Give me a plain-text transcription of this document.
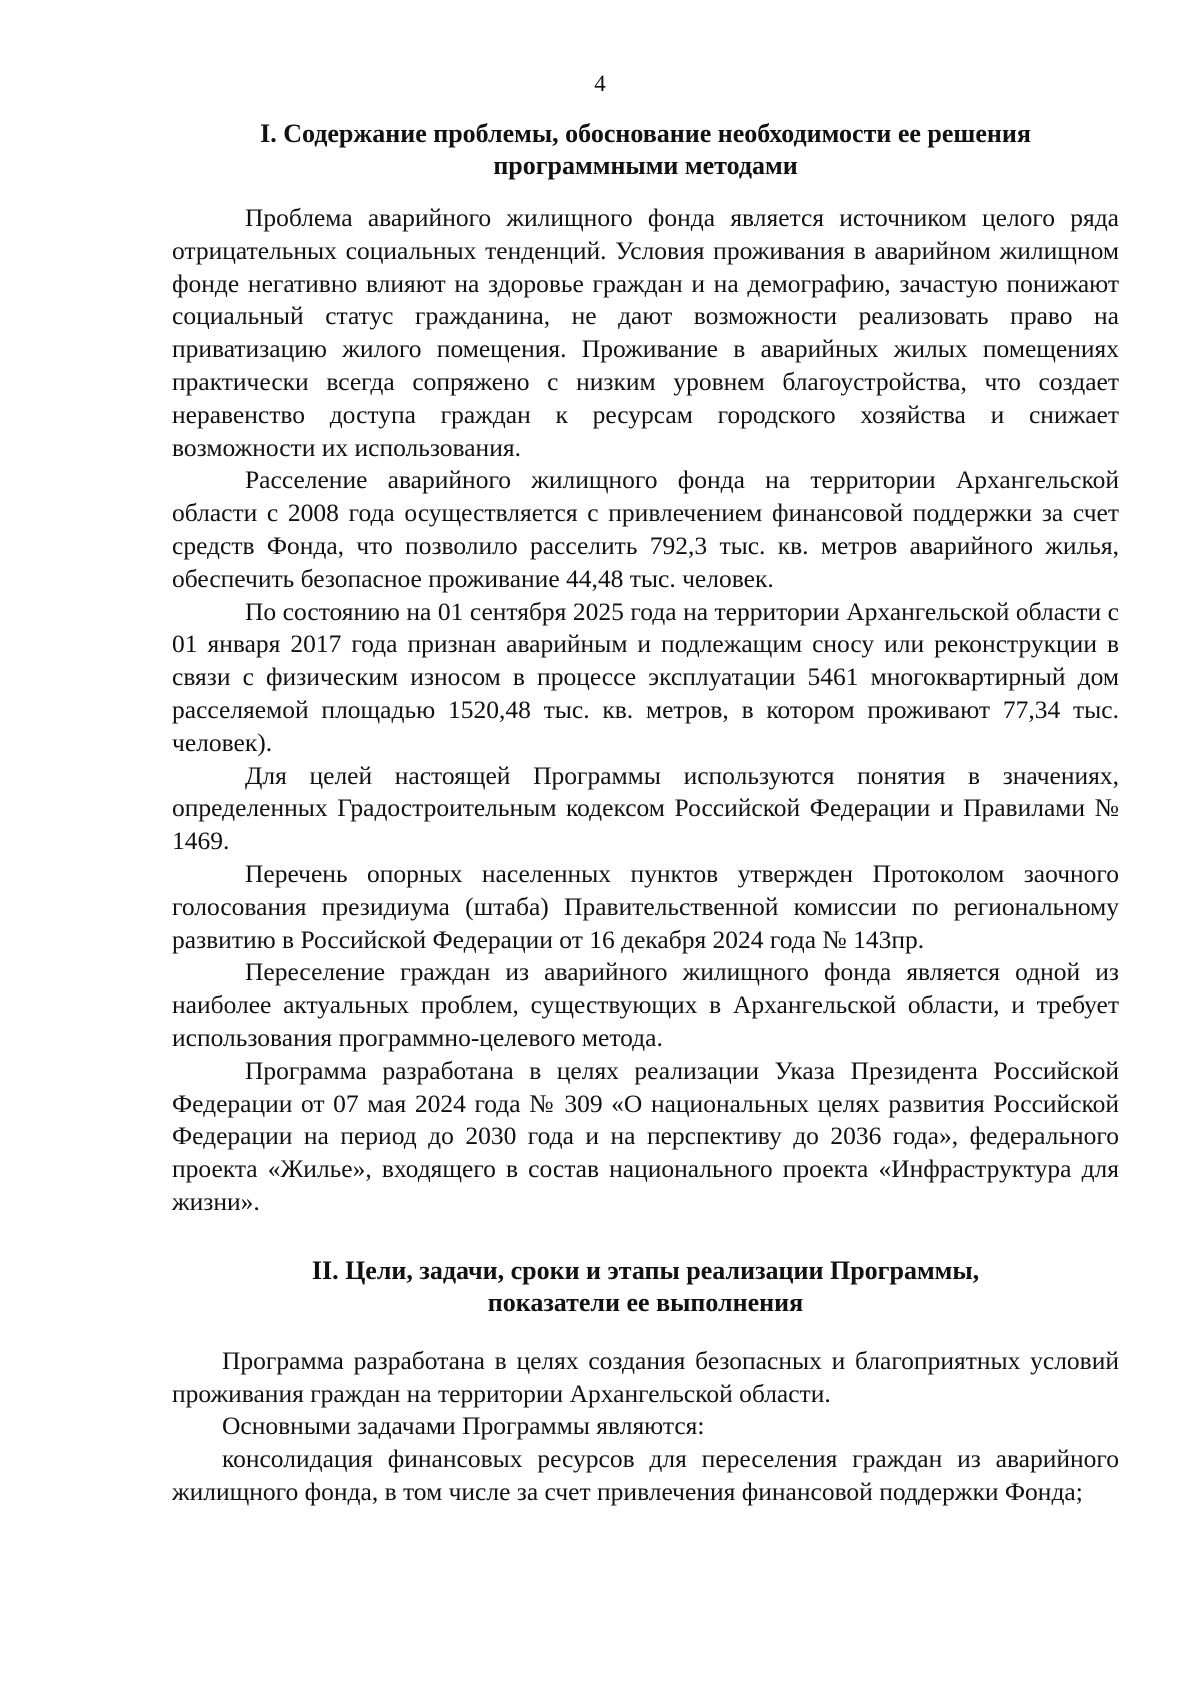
4
I. Содержание проблемы, обоснование необходимости ее решения
программными методами

Проблема аварийного жилищного фонда является источником целого ряда отрицательных социальных тенденций. Условия проживания в аварийном жилищном фонде негативно влияют на здоровье граждан и на демографию, зачастую понижают социальный статус гражданина, не дают возможности реализовать право на приватизацию жилого помещения. Проживание в аварийных жилых помещениях практически всегда сопряжено с низким уровнем благоустройства, что создает неравенство доступа граждан к ресурсам городского хозяйства и снижает возможности их использования.

Расселение аварийного жилищного фонда на территории Архангельской области с 2008 года осуществляется с привлечением финансовой поддержки за счет средств Фонда, что позволило расселить 792,3 тыс. кв. метров аварийного жилья, обеспечить безопасное проживание 44,48 тыс. человек.

По состоянию на 01 сентября 2025 года на территории Архангельской области с 01 января 2017 года признан аварийным и подлежащим сносу или реконструкции в связи с физическим износом в процессе эксплуатации 5461 многоквартирный дом расселяемой площадью 1520,48 тыс. кв. метров, в котором проживают 77,34 тыс. человек).

Для целей настоящей Программы используются понятия в значениях, определенных Градостроительным кодексом Российской Федерации и Правилами № 1469.

Перечень опорных населенных пунктов утвержден Протоколом заочного голосования президиума (штаба) Правительственной комиссии по региональному развитию в Российской Федерации от 16 декабря 2024 года № 143пр.

Переселение граждан из аварийного жилищного фонда является одной из наиболее актуальных проблем, существующих в Архангельской области, и требует использования программно-целевого метода.

Программа разработана в целях реализации Указа Президента Российской Федерации от 07 мая 2024 года № 309 «О национальных целях развития Российской Федерации на период до 2030 года и на перспективу до 2036 года», федерального проекта «Жилье», входящего в состав национального проекта «Инфраструктура для жизни».

II. Цели, задачи, сроки и этапы реализации Программы,
показатели ее выполнения

Программа разработана в целях создания безопасных и благоприятных условий проживания граждан на территории Архангельской области.

Основными задачами Программы являются:

консолидация финансовых ресурсов для переселения граждан из аварийного жилищного фонда, в том числе за счет привлечения финансовой поддержки Фонда;
